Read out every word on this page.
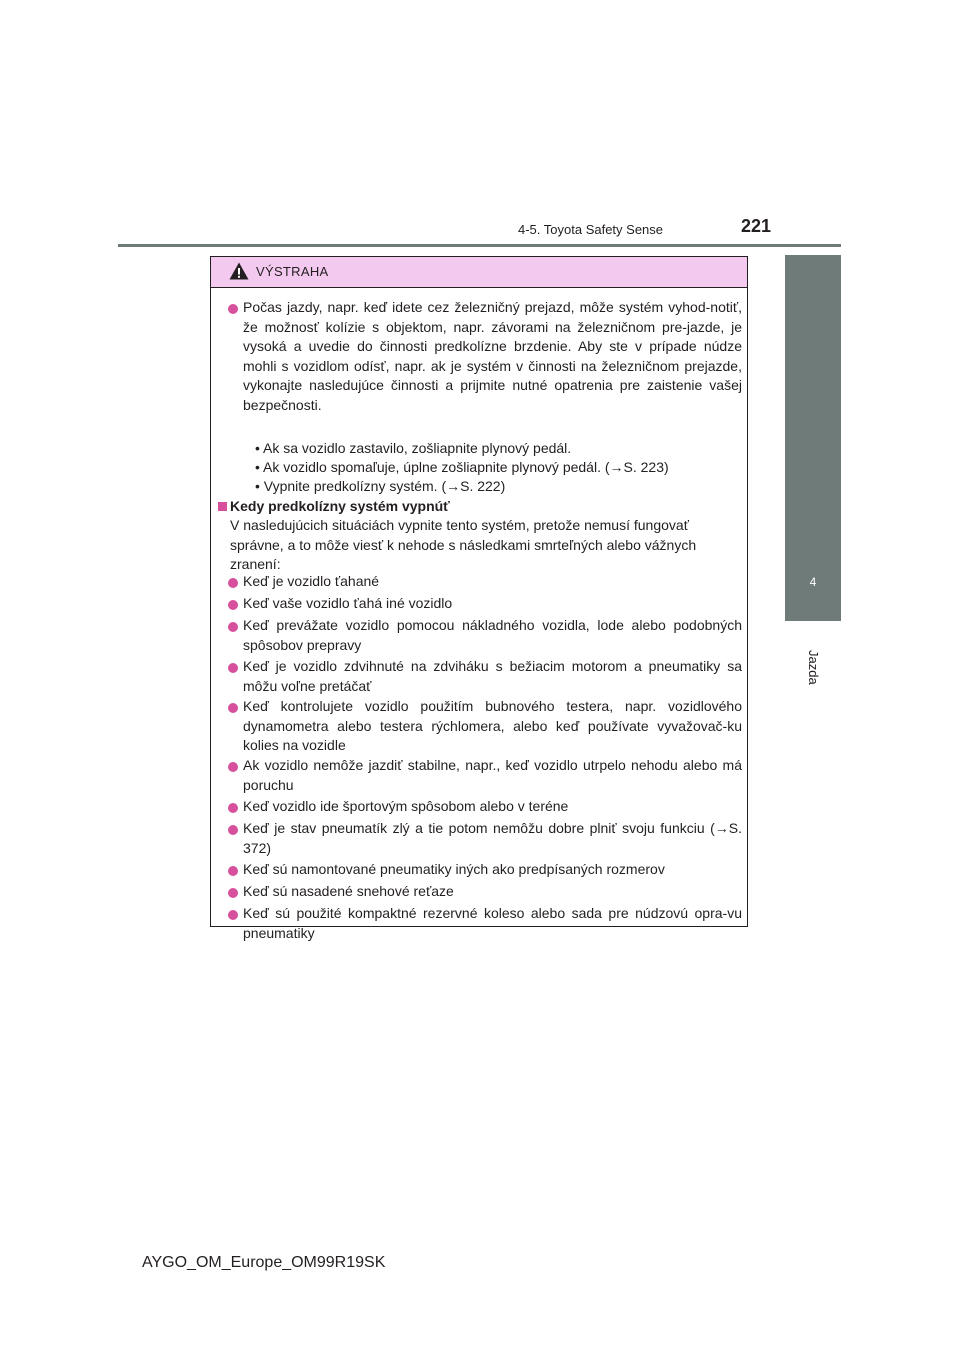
4-5. Toyota Safety Sense	221
4
Jazda
VÝSTRAHA
Počas jazdy, napr. keď idete cez železničný prejazd, môže systém vyhod-notiť, že možnosť kolízie s objektom, napr. závorami na železničnom pre-jazde, je vysoká a uvedie do činnosti predkolízne brzdenie. Aby ste v prípade núdze mohli s vozidlom odísť, napr. ak je systém v činnosti na železničnom prejazde, vykonajte nasledujúce činnosti a prijmite nutné opatrenia pre zaistenie vašej bezpečnosti.
• Ak sa vozidlo zastavilo, zošliapnite plynový pedál.
• Ak vozidlo spomaľuje, úplne zošliapnite plynový pedál. (→S. 223)
• Vypnite predkolízny systém. (→S. 222)
Kedy predkolízny systém vypnúť
V nasledujúcich situáciách vypnite tento systém, pretože nemusí fungovať správne, a to môže viesť k nehode s následkami smrteľných alebo vážnych zranení:
Keď je vozidlo ťahané
Keď vaše vozidlo ťahá iné vozidlo
Keď prevážate vozidlo pomocou nákladného vozidla, lode alebo podobných spôsobov prepravy
Keď je vozidlo zdvihnuté na zdviháku s bežiacim motorom a pneumatiky sa môžu voľne pretáčať
Keď kontrolujete vozidlo použitím bubnového testera, napr. vozidlového dynamometra alebo testera rýchlomera, alebo keď používate vyvažovač-ku kolies na vozidle
Ak vozidlo nemôže jazdiť stabilne, napr., keď vozidlo utrpelo nehodu alebo má poruchu
Keď vozidlo ide športovým spôsobom alebo v teréne
Keď je stav pneumatík zlý a tie potom nemôžu dobre plniť svoju funkciu (→S. 372)
Keď sú namontované pneumatiky iných ako predpísaných rozmerov
Keď sú nasadené snehové reťaze
Keď sú použité kompaktné rezervné koleso alebo sada pre núdzovú opra-vu pneumatiky
AYGO_OM_Europe_OM99R19SK
